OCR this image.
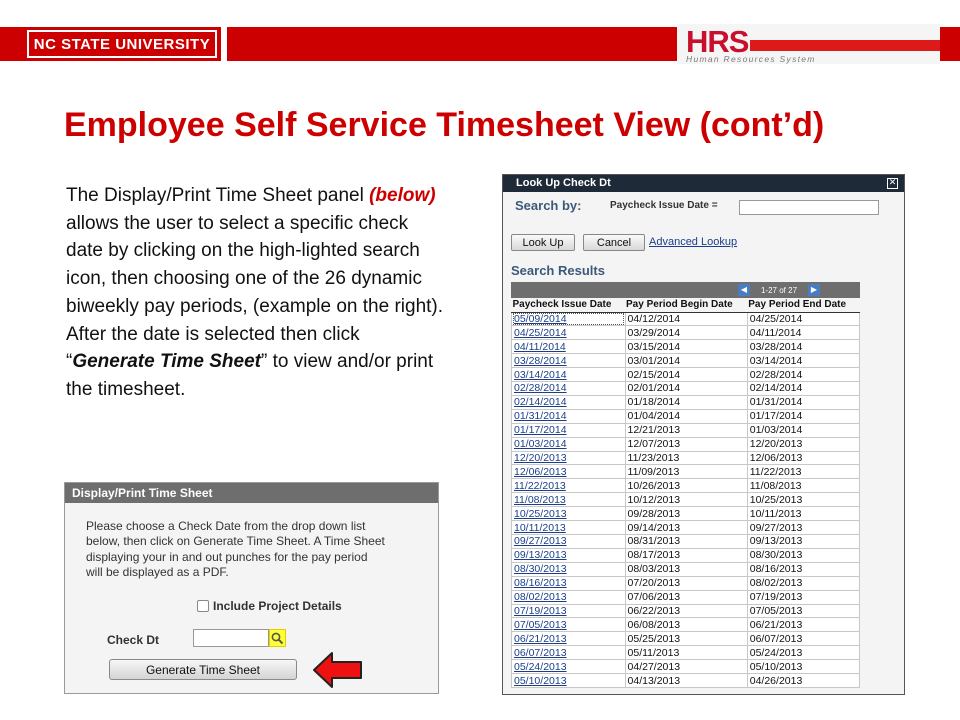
NC STATE UNIVERSITY	HRS
Human Resources System
Employee Self Service Timesheet View (cont’d)
The Display/Print Time Sheet panel (below) allows the user to select a specific check date by clicking on the high-lighted search icon, then choosing one of the 26 dynamic biweekly pay periods, (example on the right). After the date is selected then click “Generate Time Sheet” to view and/or print the timesheet.
Display/Print Time Sheet
Please choose a Check Date from the drop down list below, then click on Generate Time Sheet. A Time Sheet displaying your in and out punches for the pay period will be displayed as a PDF.
Include Project Details
Check Dt
Generate Time Sheet
Look Up Check Dt	✕
Search by:	Paycheck Issue Date =
Look Up	Cancel	Advanced Lookup
Search Results
◀	1-27 of 27	▶
Paycheck Issue Date	Pay Period Begin Date	Pay Period End Date
05/09/2014	04/12/2014	04/25/2014
04/25/2014	03/29/2014	04/11/2014
04/11/2014	03/15/2014	03/28/2014
03/28/2014	03/01/2014	03/14/2014
03/14/2014	02/15/2014	02/28/2014
02/28/2014	02/01/2014	02/14/2014
02/14/2014	01/18/2014	01/31/2014
01/31/2014	01/04/2014	01/17/2014
01/17/2014	12/21/2013	01/03/2014
01/03/2014	12/07/2013	12/20/2013
12/20/2013	11/23/2013	12/06/2013
12/06/2013	11/09/2013	11/22/2013
11/22/2013	10/26/2013	11/08/2013
11/08/2013	10/12/2013	10/25/2013
10/25/2013	09/28/2013	10/11/2013
10/11/2013	09/14/2013	09/27/2013
09/27/2013	08/31/2013	09/13/2013
09/13/2013	08/17/2013	08/30/2013
08/30/2013	08/03/2013	08/16/2013
08/16/2013	07/20/2013	08/02/2013
08/02/2013	07/06/2013	07/19/2013
07/19/2013	06/22/2013	07/05/2013
07/05/2013	06/08/2013	06/21/2013
06/21/2013	05/25/2013	06/07/2013
06/07/2013	05/11/2013	05/24/2013
05/24/2013	04/27/2013	05/10/2013
05/10/2013	04/13/2013	04/26/2013
